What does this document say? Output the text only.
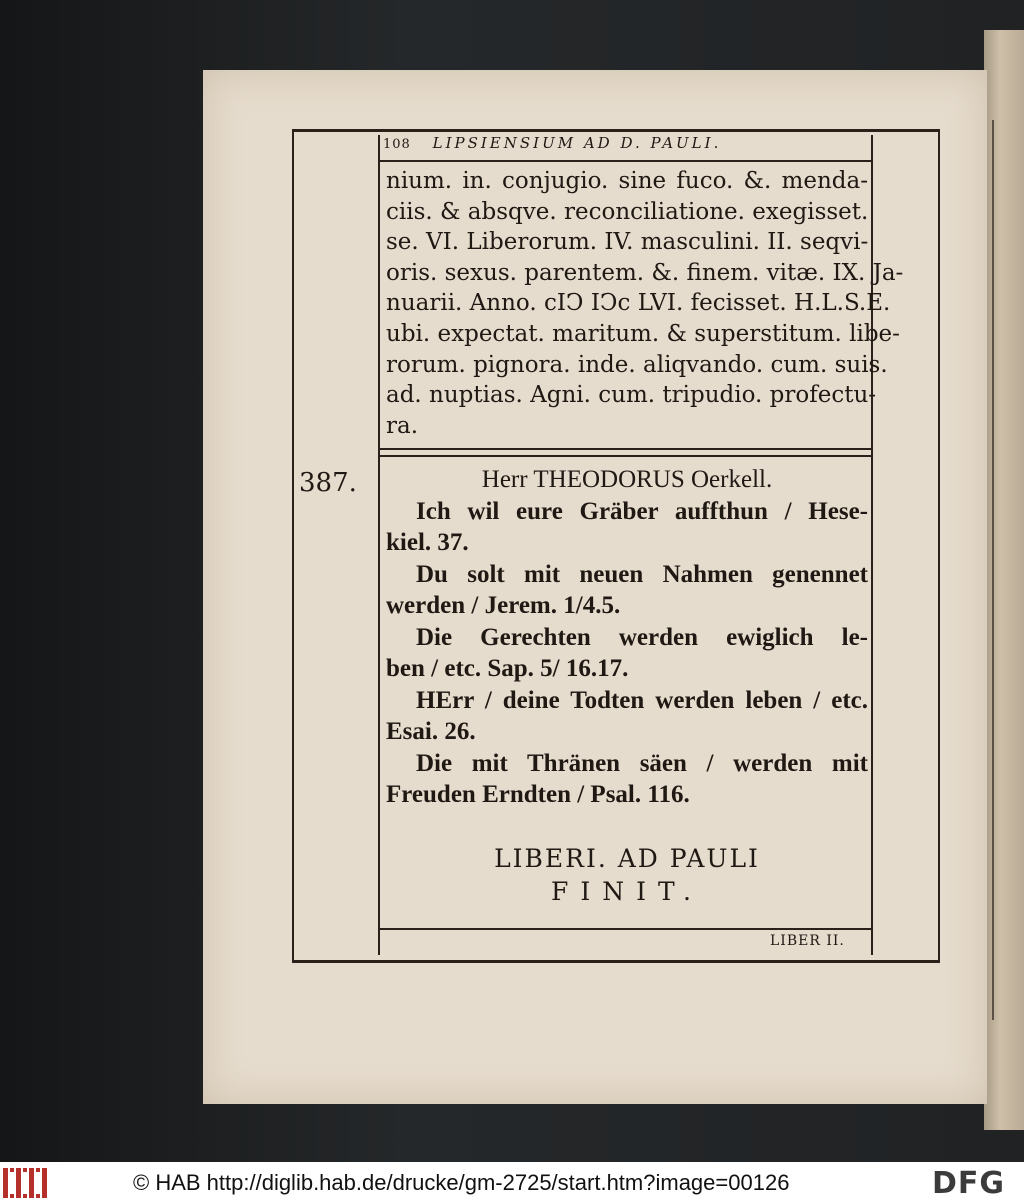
108 LIPSIENSIUM AD D. PAULI.
nium. in. conjugio. sine fuco. &. menda-
ciis. & absqve. reconciliatione. exegisset.
se. VI. Liberorum. IV. masculini. II. seqvi-
oris. sexus. parentem. &. finem. vitæ. IX. Ja-
nuarii. Anno. cIↃ IↃc LVI. fecisset. H.L.S.E.
ubi. expectat. maritum. & superstitum. libe-
rorum. pignora. inde. aliqvando. cum. suis.
ad. nuptias. Agni. cum. tripudio. profectu-
ra.
387.	Herr THEODORUS Oerkell.
Ich wil eure Gräber auffthun / Hese-
kiel. 37.
Du solt mit neuen Nahmen genennet
werden / Jerem. 1/4.5.
Die Gerechten werden ewiglich le-
ben / etc. Sap. 5/ 16.17.
HErr / deine Todten werden leben / etc.
Esai. 26.
Die mit Thränen säen / werden mit
Freuden Erndten / Psal. 116.
LIBERI. AD PAULI
FINIT.
LIBER II.
© HAB http://diglib.hab.de/drucke/gm-2725/start.htm?image=00126	DFG
